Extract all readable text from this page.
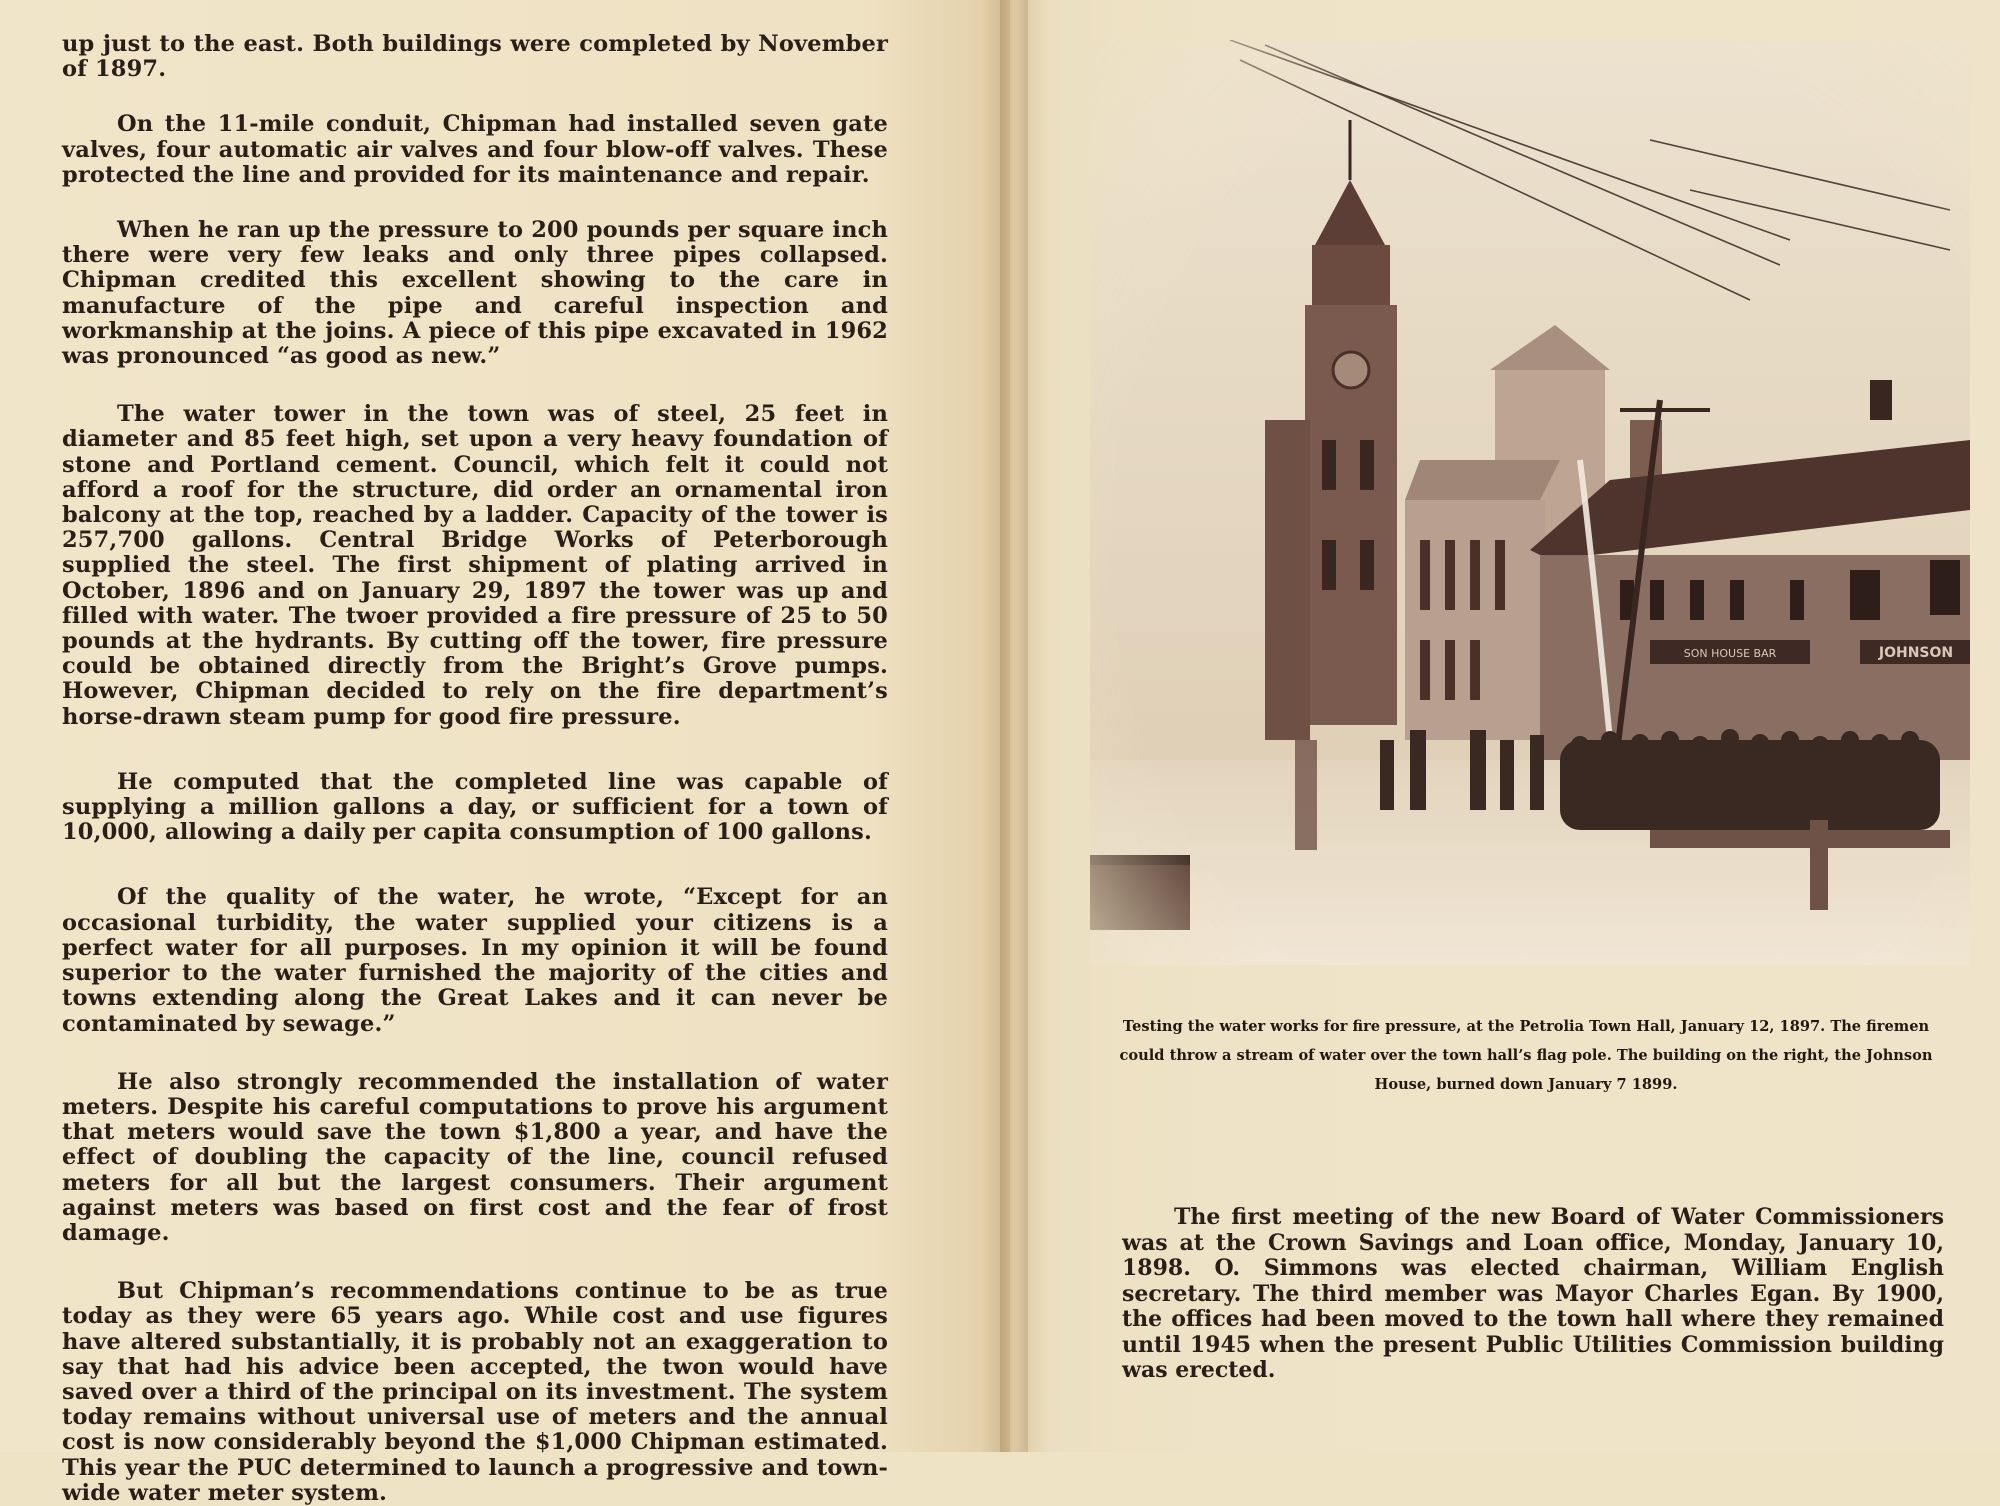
up just to the east. Both buildings were completed by November of 1897.

On the 11-mile conduit, Chipman had installed seven gate valves, four automatic air valves and four blow-off valves. These protected the line and provided for its maintenance and repair.

When he ran up the pressure to 200 pounds per square inch there were very few leaks and only three pipes collapsed. Chipman credited this excellent showing to the care in manufacture of the pipe and careful inspection and workmanship at the joins. A piece of this pipe excavated in 1962 was pronounced “as good as new.”

The water tower in the town was of steel, 25 feet in diameter and 85 feet high, set upon a very heavy foundation of stone and Portland cement. Council, which felt it could not afford a roof for the structure, did order an ornamental iron balcony at the top, reached by a ladder. Capacity of the tower is 257,700 gallons. Central Bridge Works of Peterborough supplied the steel. The first shipment of plating arrived in October, 1896 and on January 29, 1897 the tower was up and filled with water. The twoer provided a fire pressure of 25 to 50 pounds at the hydrants. By cutting off the tower, fire pressure could be obtained directly from the Bright’s Grove pumps. However, Chipman decided to rely on the fire department’s horse-drawn steam pump for good fire pressure.

He computed that the completed line was capable of supplying a million gallons a day, or sufficient for a town of 10,000, allowing a daily per capita consumption of 100 gallons.

Of the quality of the water, he wrote, “Except for an occasional turbidity, the water supplied your citizens is a perfect water for all purposes. In my opinion it will be found superior to the water furnished the majority of the cities and towns extending along the Great Lakes and it can never be contaminated by sewage.”

He also strongly recommended the installation of water meters. Despite his careful computations to prove his argument that meters would save the town $1,800 a year, and have the effect of doubling the capacity of the line, council refused meters for all but the largest consumers. Their argument against meters was based on first cost and the fear of frost damage.

But Chipman’s recommendations continue to be as true today as they were 65 years ago. While cost and use figures have altered substantially, it is probably not an exaggeration to say that had his advice been accepted, the twon would have saved over a third of the principal on its investment. The system today remains without universal use of meters and the annual cost is now considerably beyond the $1,000 Chipman estimated. This year the PUC determined to launch a progressive and town-wide water meter system.

SON HOUSE BAR	JOHNSON
Testing the water works for fire pressure, at the Petrolia Town Hall, January 12, 1897. The firemen could throw a stream of water over the town hall’s flag pole. The building on the right, the Johnson House, burned down January 7 1899.

The first meeting of the new Board of Water Commissioners was at the Crown Savings and Loan office, Monday, January 10, 1898. O. Simmons was elected chairman, William English secretary. The third member was Mayor Charles Egan. By 1900, the offices had been moved to the town hall where they remained until 1945 when the present Public Utilities Commission building was erected.
